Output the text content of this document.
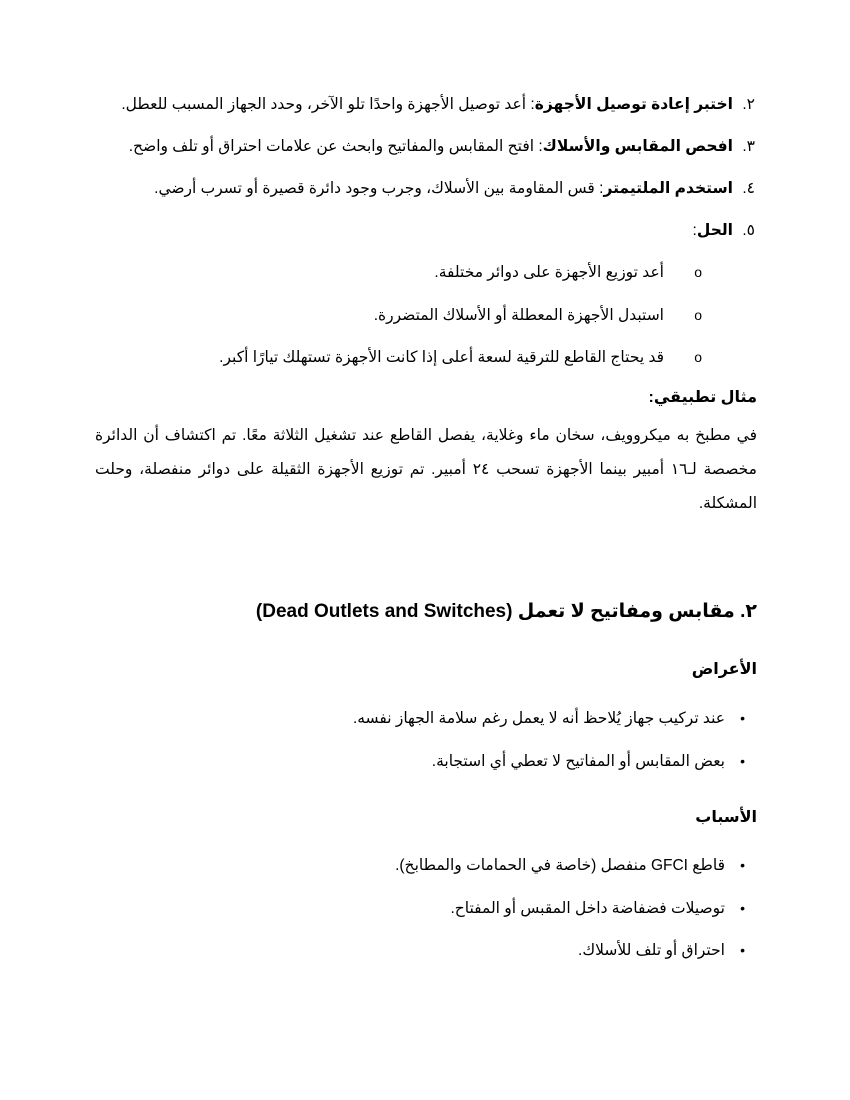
٢.
اختبر إعادة توصيل الأجهزة
: أعد توصيل الأجهزة واحدًا تلو الآخر، وحدد الجهاز المسبب للعطل.
٣.
افحص المقابس والأسلاك
: افتح المقابس والمفاتيح وابحث عن علامات احتراق أو تلف واضح.
٤.
استخدم الملتيمتر
: قس المقاومة بين الأسلاك، وجرب وجود دائرة قصيرة أو تسرب أرضي.
٥.
الحل
:
o
أعد توزيع الأجهزة على دوائر مختلفة.
o
استبدل الأجهزة المعطلة أو الأسلاك المتضررة.
o
قد يحتاج القاطع للترقية لسعة أعلى إذا كانت الأجهزة تستهلك تيارًا أكبر.
مثال تطبيقي:
في مطبخ به ميكروويف، سخان ماء وغلاية، يفصل القاطع عند تشغيل الثلاثة معًا. تم اكتشاف أن الدائرة مخصصة لـ١٦ أمبير بينما الأجهزة تسحب ٢٤ أمبير. تم توزيع الأجهزة الثقيلة على دوائر منفصلة، وحلت المشكلة.
٢. مقابس ومفاتيح لا تعمل (Dead Outlets and Switches)
الأعراض
•
عند تركيب جهاز يُلاحظ أنه لا يعمل رغم سلامة الجهاز نفسه.
•
بعض المقابس أو المفاتيح لا تعطي أي استجابة.
الأسباب
•
قاطع GFCI منفصل (خاصة في الحمامات والمطابخ).
•
توصيلات فضفاضة داخل المقبس أو المفتاح.
•
احتراق أو تلف للأسلاك.
